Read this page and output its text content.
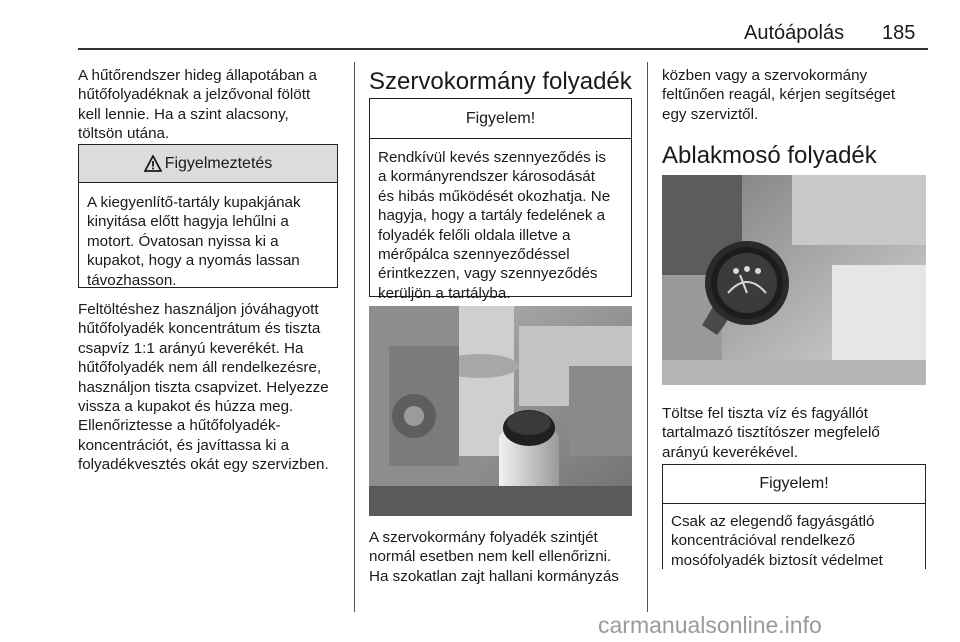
Autóápolás 185
A hűtőrendszer hideg állapotában a
hűtőfolyadéknak a jelzővonal fölött
kell lennie. Ha a szint alacsony,
töltsön utána.
Figyelmeztetés
A kiegyenlítő-tartály kupakjának
kinyitása előtt hagyja lehűlni a
motort. Óvatosan nyissa ki a
kupakot, hogy a nyomás lassan
távozhasson.
Feltöltéshez használjon jóváhagyott
hűtőfolyadék koncentrátum és tiszta
csapvíz 1:1 arányú keverékét. Ha
hűtőfolyadék nem áll rendelkezésre,
használjon tiszta csapvizet. Helyezze
vissza a kupakot és húzza meg.
Ellenőriztesse a hűtőfolyadék-
koncentrációt, és javíttassa ki a
folyadékvesztés okát egy szervizben.
Szervokormány folyadék
Figyelem!
Rendkívül kevés szennyeződés is
a kormányrendszer károsodását
és hibás működését okozhatja. Ne
hagyja, hogy a tartály fedelének a
folyadék felőli oldala illetve a
mérőpálca szennyeződéssel
érintkezzen, vagy szennyeződés
kerüljön a tartályba.
A szervokormány folyadék szintjét
normál esetben nem kell ellenőrizni.
Ha szokatlan zajt hallani kormányzás
közben vagy a szervokormány
feltűnően reagál, kérjen segítséget
egy szerviztől.
Ablakmosó folyadék
Töltse fel tiszta víz és fagyállót
tartalmazó tisztítószer megfelelő
arányú keverékével.
Figyelem!
Csak az elegendő fagyásgátló
koncentrációval rendelkező
mosófolyadék biztosít védelmet
carmanualsonline.info
